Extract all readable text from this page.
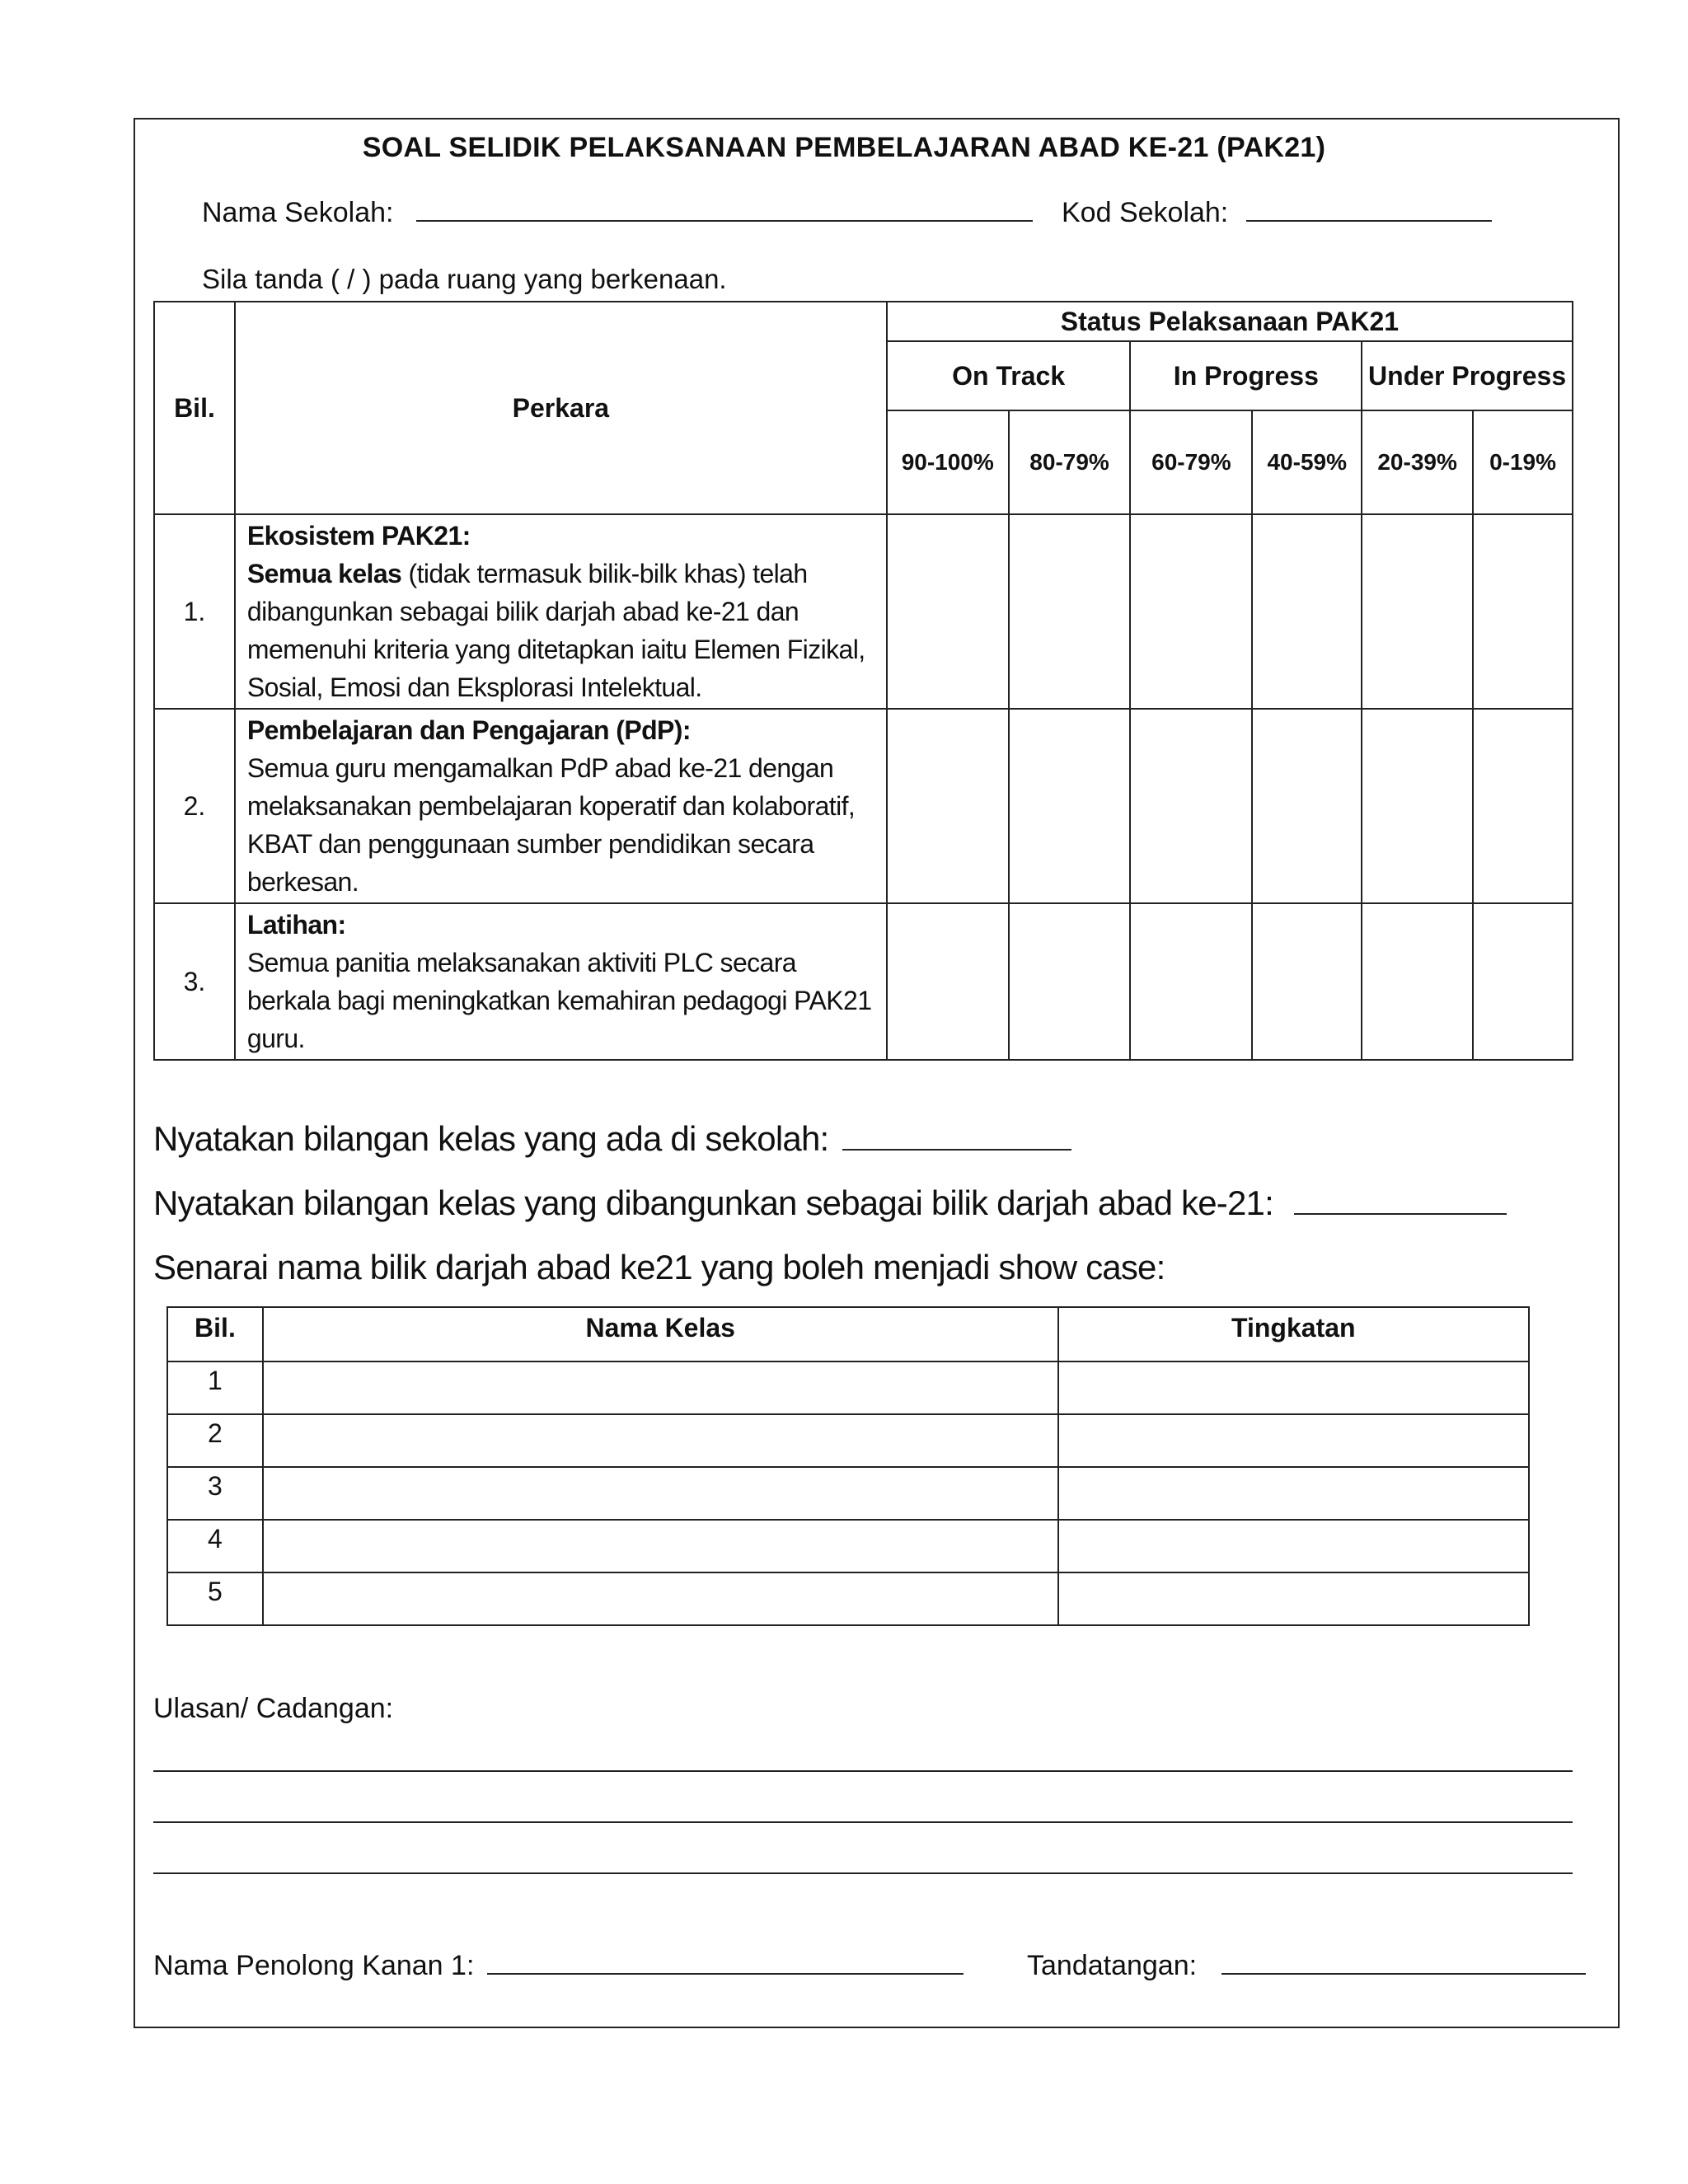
SOAL SELIDIK PELAKSANAAN PEMBELAJARAN ABAD KE-21 (PAK21)
Nama Sekolah:	Kod Sekolah:
Sila tanda ( / ) pada ruang yang berkenaan.
Bil.	Perkara	Status Pelaksanaan PAK21					
		On Track		In Progress		Under Progress	
		90-100%	80-79%	60-79%	40-59%	20-39%	0-19%
1.	Ekosistem PAK21:
Semua kelas (tidak termasuk bilik-bilk khas) telah dibangunkan sebagai bilik darjah abad ke-21 dan memenuhi kriteria yang ditetapkan iaitu Elemen Fizikal, Sosial, Emosi dan Eksplorasi Intelektual.						
2.	Pembelajaran dan Pengajaran (PdP):
Semua guru mengamalkan PdP abad ke-21 dengan melaksanakan pembelajaran koperatif dan kolaboratif, KBAT dan penggunaan sumber pendidikan secara berkesan.						
3.	Latihan:
Semua panitia melaksanakan aktiviti PLC secara berkala bagi meningkatkan kemahiran pedagogi PAK21 guru.						
Nyatakan bilangan kelas yang ada di sekolah:
Nyatakan bilangan kelas yang dibangunkan sebagai bilik darjah abad ke-21:
Senarai nama bilik darjah abad ke21 yang boleh menjadi show case:
Bil.	Nama Kelas	Tingkatan
1		
2		
3		
4		
5		
Ulasan/ Cadangan:
Nama Penolong Kanan 1:	Tandatangan:
